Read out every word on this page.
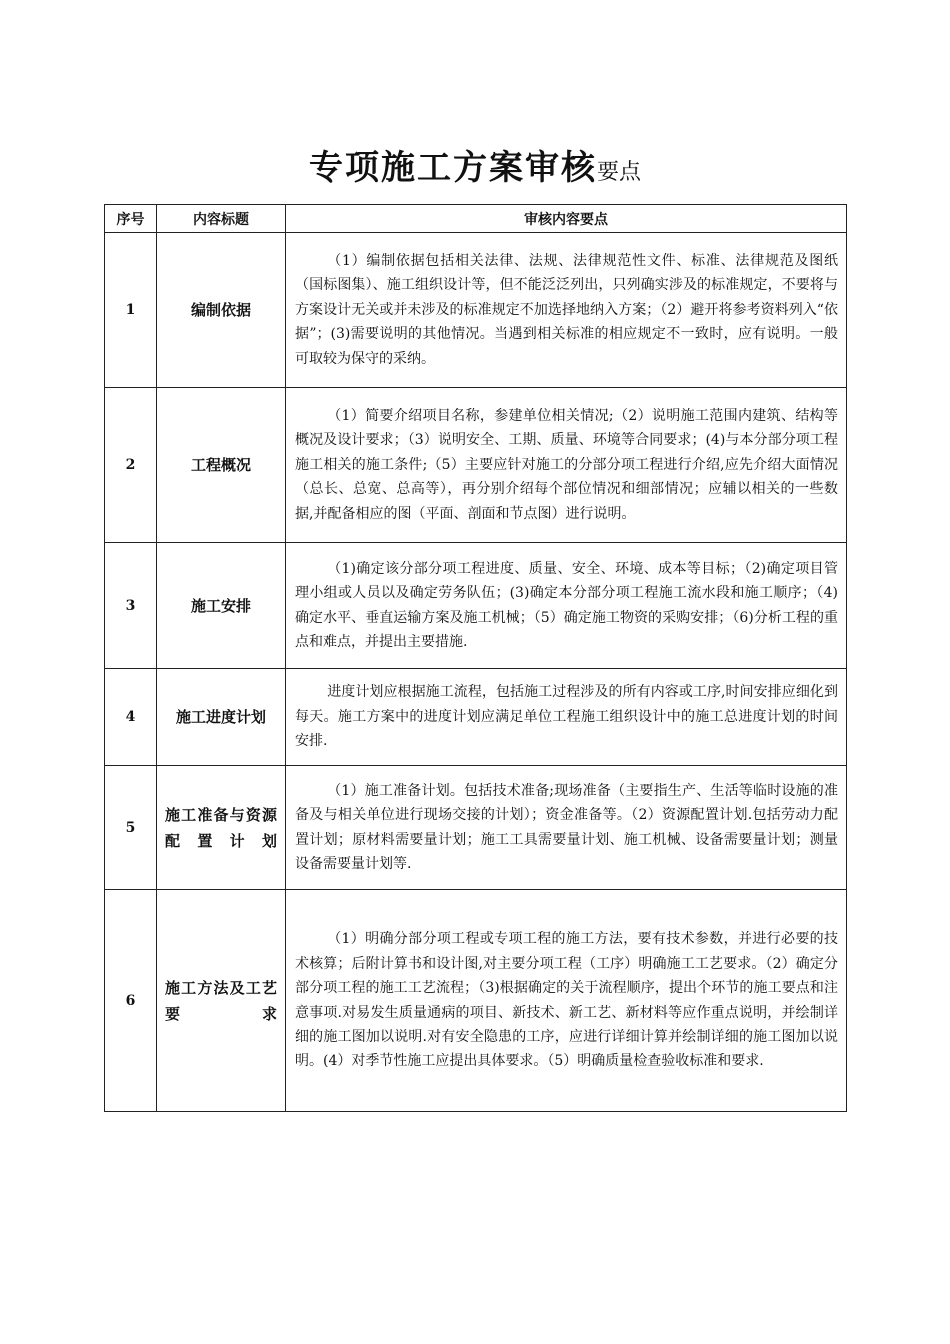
专项施工方案审核要点
序号	内容标题	审核内容要点
1	编制依据	（1）编制依据包括相关法律、法规、法律规范性文件、标准、法律规范及图纸（国标图集）、施工组织设计等，但不能泛泛列出，只列确实涉及的标准规定，不要将与方案设计无关或并未涉及的标准规定不加选择地纳入方案；（2）避开将参考资料列入“依据”；(3)需要说明的其他情况。当遇到相关标准的相应规定不一致时，应有说明。一般可取较为保守的采纳。
2	工程概况	（1）简要介绍项目名称，参建单位相关情况;（2）说明施工范围内建筑、结构等概况及设计要求；（3）说明安全、工期、质量、环境等合同要求；(4)与本分部分项工程施工相关的施工条件;（5）主要应针对施工的分部分项工程进行介绍,应先介绍大面情况（总长、总宽、总高等），再分别介绍每个部位情况和细部情况；应辅以相关的一些数据,并配备相应的图（平面、剖面和节点图）进行说明。
3	施工安排	（1)确定该分部分项工程进度、质量、安全、环境、成本等目标；（2)确定项目管理小组或人员以及确定劳务队伍；(3)确定本分部分项工程施工流水段和施工顺序；（4)确定水平、垂直运输方案及施工机械；（5）确定施工物资的采购安排；（6)分析工程的重点和难点，并提出主要措施.
4	施工进度计划	进度计划应根据施工流程，包括施工过程涉及的所有内容或工序,时间安排应细化到每天。施工方案中的进度计划应满足单位工程施工组织设计中的施工总进度计划的时间安排.
5	施工准备与资源配置计划	（1）施工准备计划。包括技术准备;现场准备（主要指生产、生活等临时设施的准备及与相关单位进行现场交接的计划）；资金准备等。（2）资源配置计划.包括劳动力配置计划；原材料需要量计划；施工工具需要量计划、施工机械、设备需要量计划；测量设备需要量计划等.
6	施工方法及工艺要求	（1）明确分部分项工程或专项工程的施工方法，要有技术参数，并进行必要的技术核算；后附计算书和设计图,对主要分项工程（工序）明确施工工艺要求。（2）确定分部分项工程的施工工艺流程；（3)根据确定的关于流程顺序，提出个环节的施工要点和注意事项.对易发生质量通病的项目、新技术、新工艺、新材料等应作重点说明，并绘制详细的施工图加以说明.对有安全隐患的工序，应进行详细计算并绘制详细的施工图加以说明。(4）对季节性施工应提出具体要求。（5）明确质量检查验收标准和要求.
